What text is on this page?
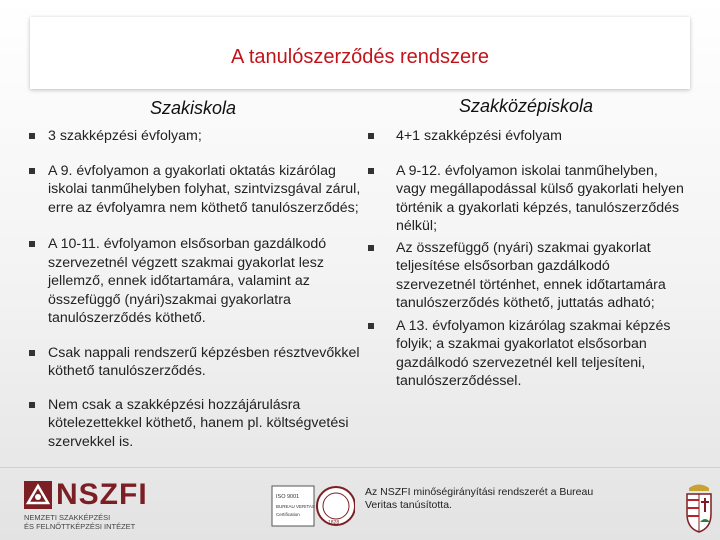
A tanulószerződés rendszere
Szakiskola	Szakközépiskola
3 szakképzési évfolyam;
A 9. évfolyamon a gyakorlati oktatás kizárólag iskolai tanműhelyben folyhat, szintvizsgával zárul, erre az évfolyamra nem köthető tanulószerződés;
A 10-11. évfolyamon elsősorban gazdálkodó szervezetnél végzett szakmai gyakorlat lesz jellemző, ennek időtartamára, valamint az összefüggő (nyári)szakmai gyakorlatra tanulószerződés köthető.
Csak nappali rendszerű képzésben résztvevőkkel köthető tanulószerződés.
Nem csak a szakképzési hozzájárulásra kötelezettekkel köthető, hanem pl. költségvetési szervekkel is.
4+1 szakképzési évfolyam
A 9-12. évfolyamon iskolai tanműhelyben, vagy megállapodással külső gyakorlati helyen történik a gyakorlati képzés, tanulószerződés nélkül;
Az összefüggő (nyári) szakmai gyakorlat teljesítése elsősorban gazdálkodó szervezetnél történhet, ennek időtartamára tanulószerződés köthető, juttatás adható;
A 13. évfolyamon kizárólag szakmai képzés folyik; a szakmai gyakorlatot elsősorban gazdálkodó szervezetnél kell teljesíteni, tanulószerződéssel.
NSZFI
NEMZETI SZAKKÉPZÉSI
ÉS FELNŐTTKÉPZÉSI INTÉZET
ISO 9001
BUREAU VERITAS
Certification
1828
Az NSZFI minőségirányítási rendszerét a Bureau Veritas tanúsította.
